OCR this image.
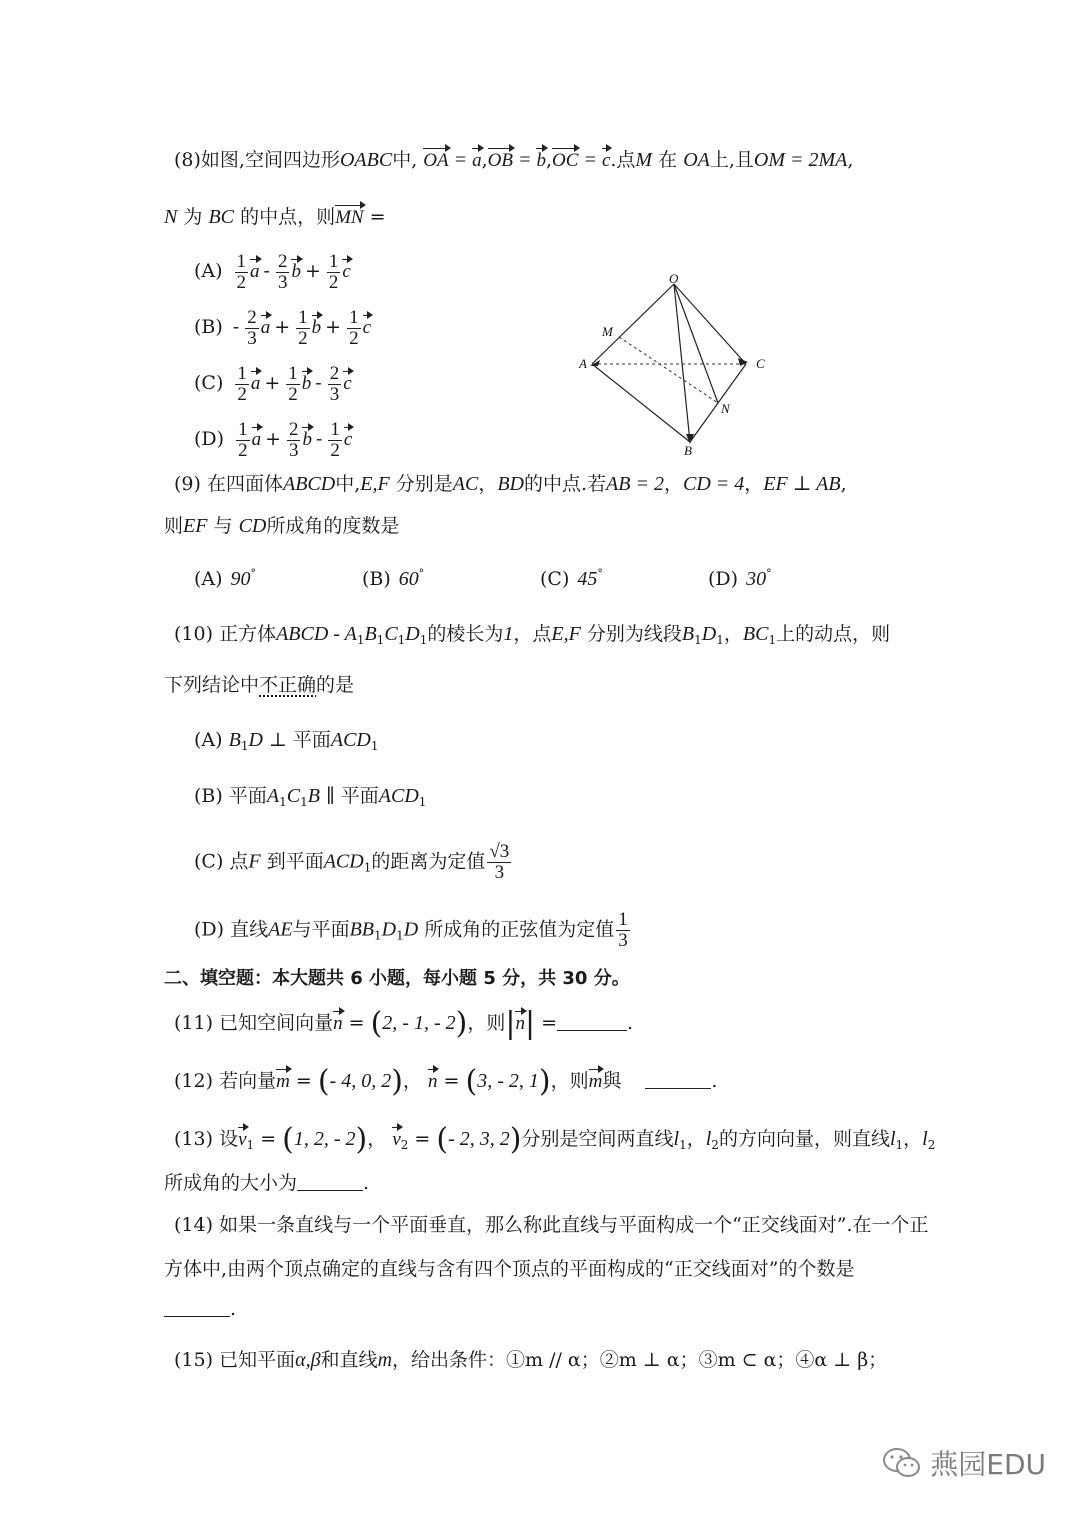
(8)如图,空间四边形OABC中, OA = a,OB = b,OC = c.点M 在 OA上,且OM = 2MA,
N 为 BC 的中点，则MN =
$(A) \frac{1}{2}$ a - $\frac{2}{3}$ $b + \frac{1}{2}$ c
$(B) - \frac{2}{3}$ $a + \frac{1}{2}$ $b + \frac{1}{2}$ c
$(C) \frac{1}{2}$ $a + \frac{1}{2}$ b - $\frac{2}{3}$ c
$(D) \frac{1}{2}$ $a + \frac{2}{3}$ b - $\frac{1}{2}$ c
O
M
A	C
N
B
(9) 在四面体ABCD中,E,F 分别是AC，BD的中点.若AB = 2，CD = 4，EF ⊥ AB,
则EF 与 CD所成角的度数是
(A) 90°	(B) 60°	(C) 45°	(D) 30°
(10) 正方体ABCD - $A_1B_1C_1D_1$的棱长为1，点E,F 分别为线段$B_1D_1$，$BC_1$上的动点，则
下列结论中不正确的是
(A) $B_1D$ ⊥ 平面$ACD_1$
(B) 平面$A_1C_1B$ ∥ 平面$ACD_1$
(C) 点F 到平面$ACD_1$的距离为定值 $\frac{√3}{3}$
(D) 直线AE与平面$BB_1D_1D$ 所成角的正弦值为定值 $\frac{1}{3}$
二、填空题：本大题共 6 小题，每小题 5 分，共 30 分。
(11) 已知空间向量n = (2, - 1, - 2)，则|n| =	.
(12) 若向量m = (- 4, 0, 2)， n = (3, - 2, 1)，则m與	.
(13) 设$v_1 = (1$, 2, - 2)， $v_2$ = (- 2, 3, 2)分别是空间两直线$l_1$，$l_2$的方向向量，则直线$l_1$，$l_2$
所成角的大小为	.
(14) 如果一条直线与一个平面垂直，那么称此直线与平面构成一个“正交线面对”.在一个正
方体中,由两个顶点确定的直线与含有四个顶点的平面构成的“正交线面对”的个数是
.
(15) 已知平面α,β和直线m，给出条件：①m // α；②m ⊥ α；③m ⊂ α；④α ⊥ β；
燕园EDU
